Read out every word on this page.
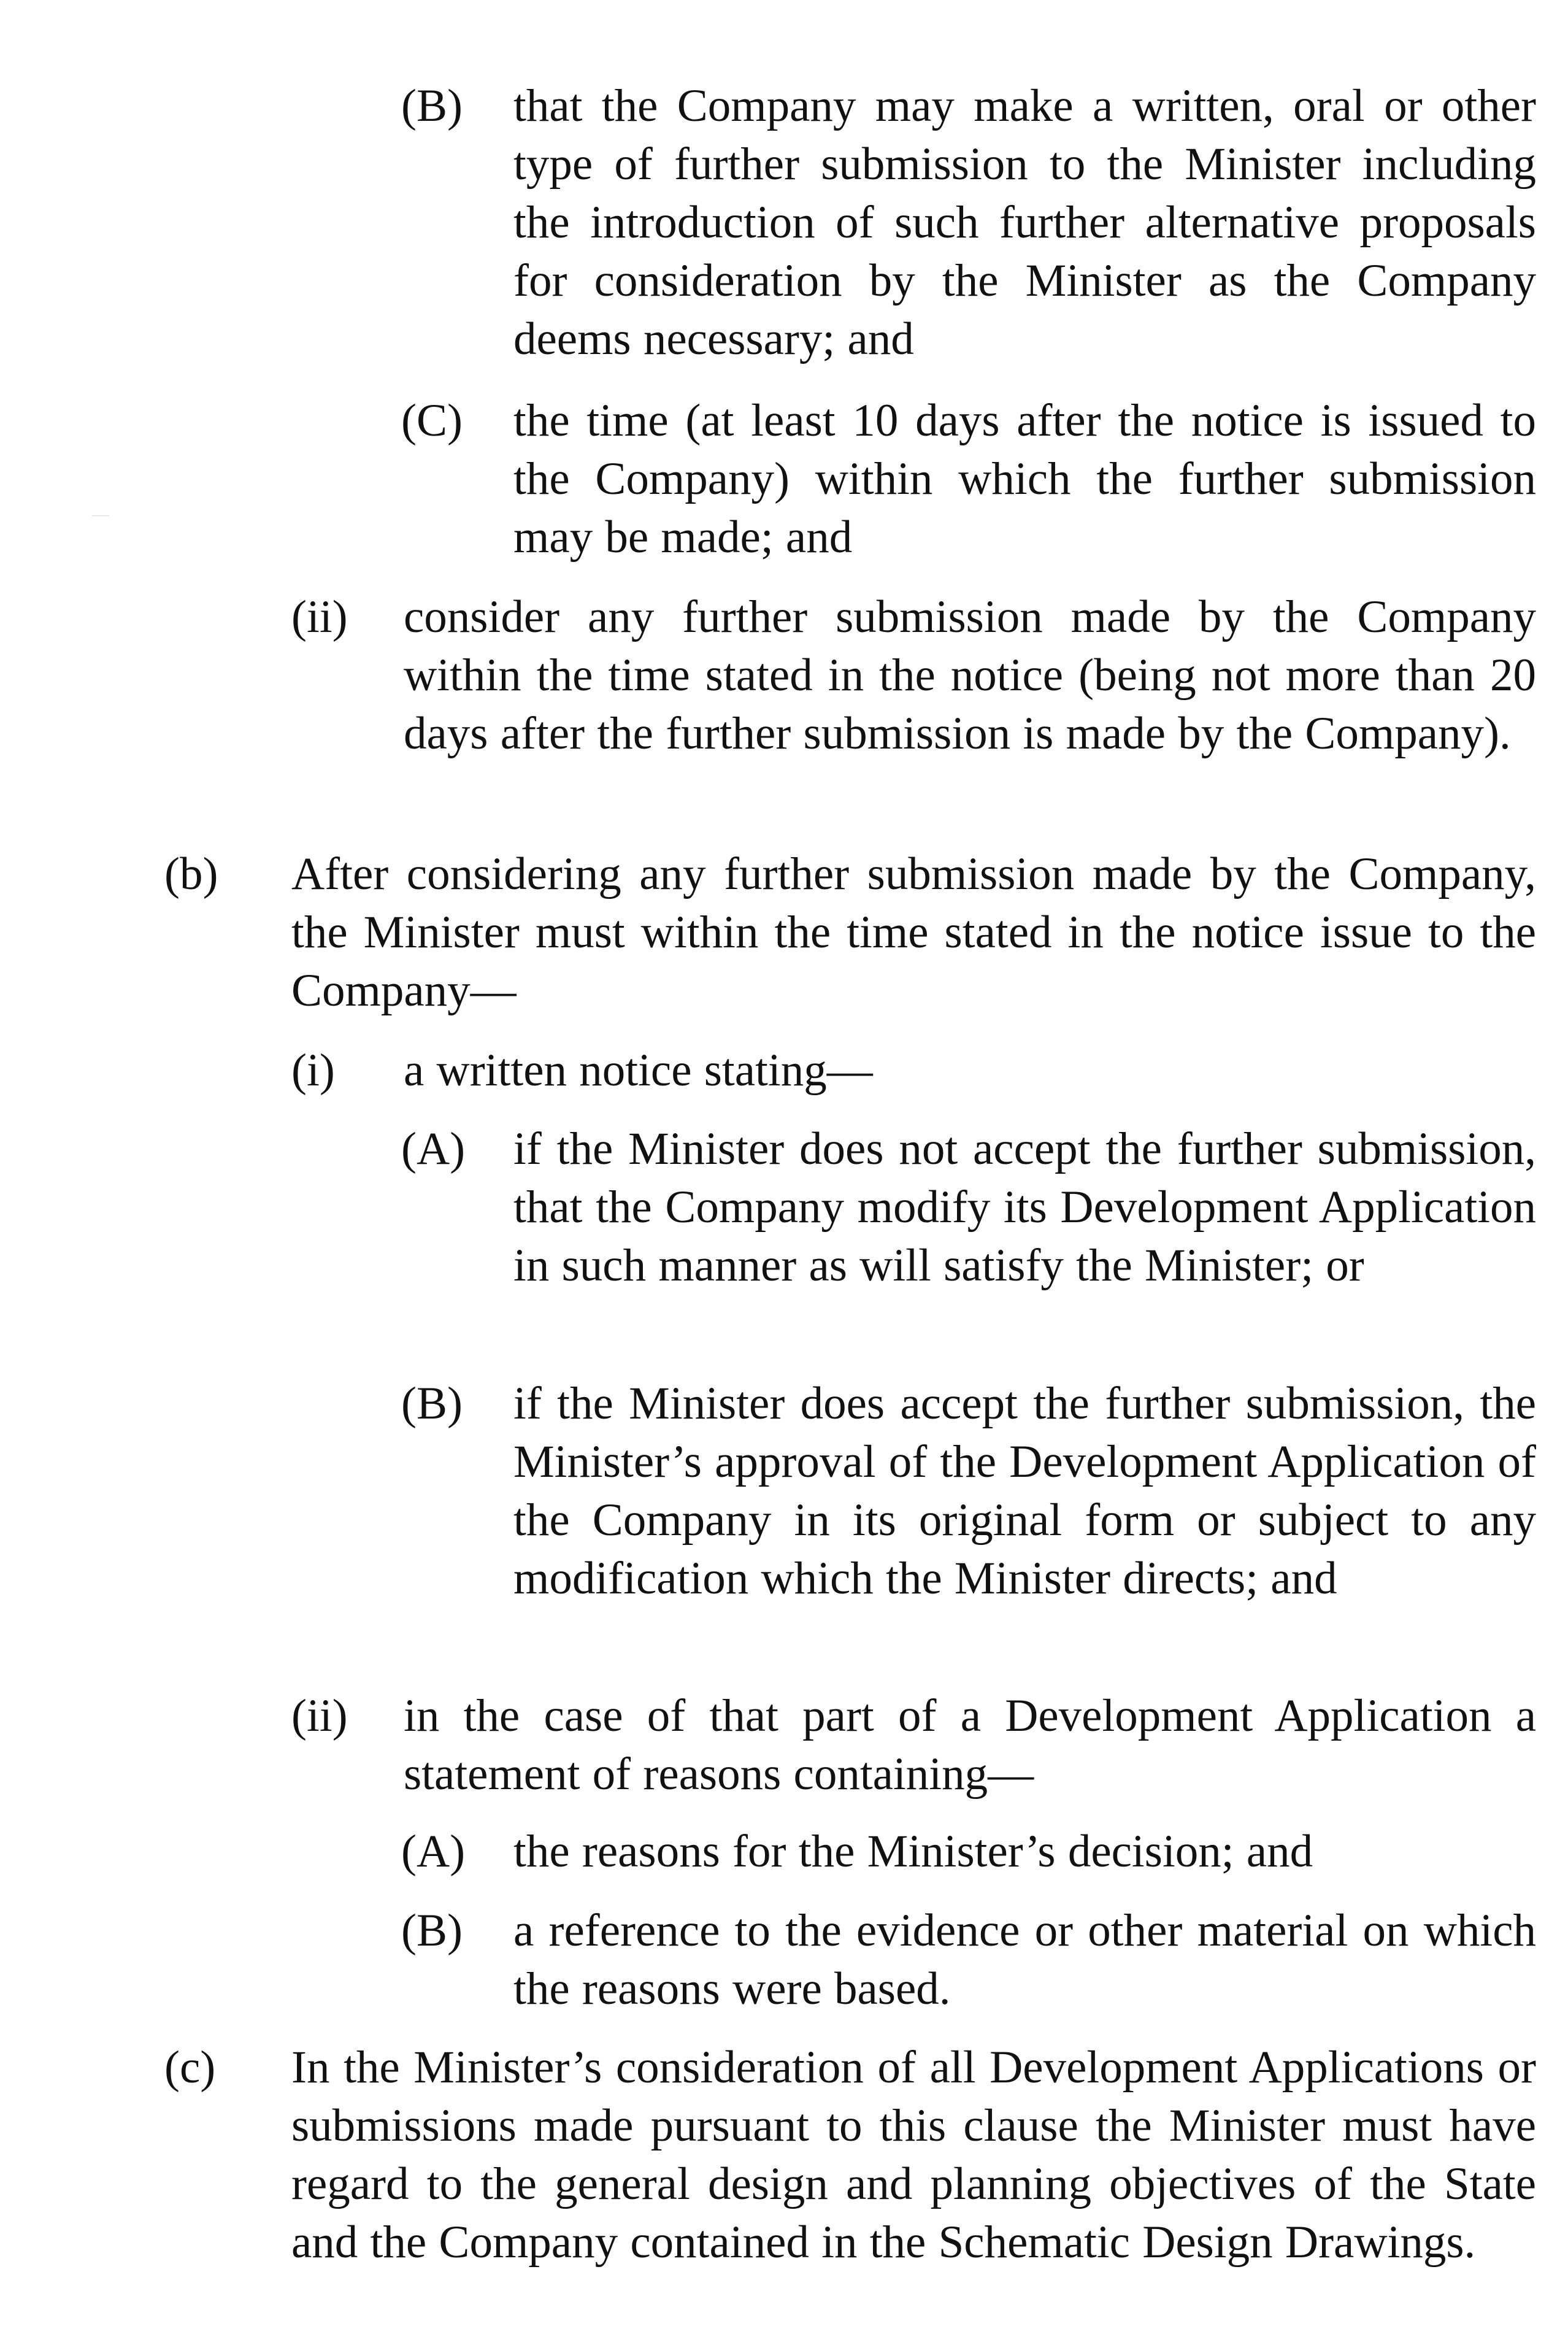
(B)	that the Company may make a written, oral or other type of further submission to the Minister including the introduction of such further alternative proposals for consideration by the Minister as the Company deems necessary; and
(C)	the time (at least 10 days after the notice is issued to the Company) within which the further submission may be made; and
(ii)	consider any further submission made by the Company within the time stated in the notice (being not more than 20 days after the further submission is made by the Company).
(b)	After considering any further submission made by the Company, the Minister must within the time stated in the notice issue to the Company—
(i)	a written notice stating—
(A)	if the Minister does not accept the further submission, that the Company modify its Development Application in such manner as will satisfy the Minister; or
(B)	if the Minister does accept the further submission, the Minister’s approval of the Development Application of the Company in its original form or subject to any modification which the Minister directs; and
(ii)	in the case of that part of a Development Application a statement of reasons containing—
(A)	the reasons for the Minister’s decision; and
(B)	a reference to the evidence or other material on which the reasons were based.
(c)	In the Minister’s consideration of all Development Applications or submissions made pursuant to this clause the Minister must have regard to the general design and planning objectives of the State and the Company contained in the Schematic Design Drawings.
